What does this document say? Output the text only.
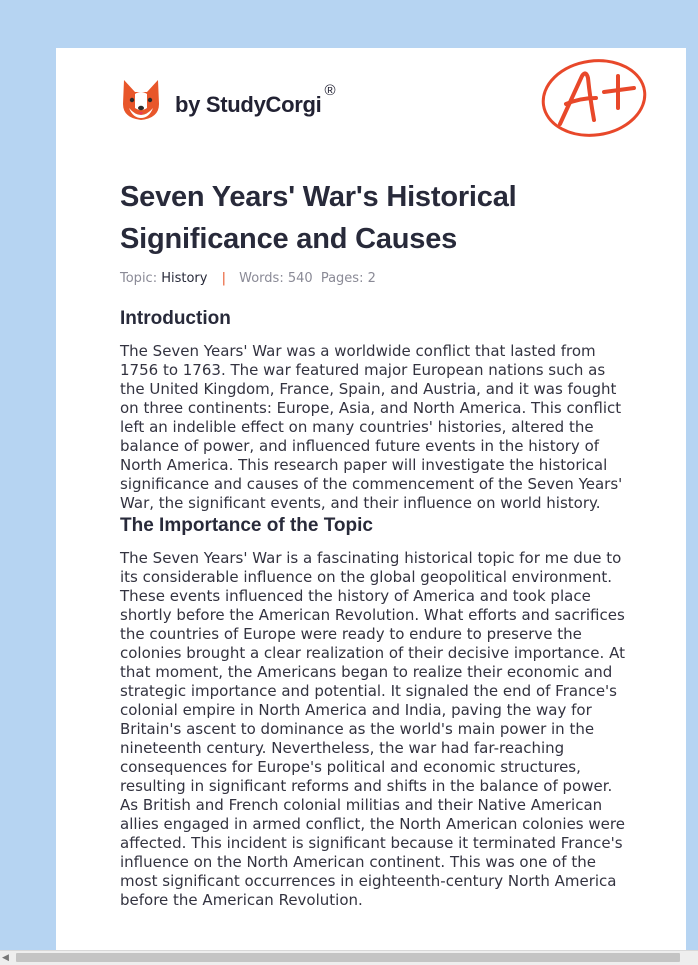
by StudyCorgi
®
Seven Years' War's Historical Significance and Causes
Topic: History | Words: 540 Pages: 2
Introduction

The Seven Years' War was a worldwide conflict that lasted from 1756 to 1763. The war featured major European nations such as the United Kingdom, France, Spain, and Austria, and it was fought on three continents: Europe, Asia, and North America. This conflict left an indelible effect on many countries' histories, altered the balance of power, and influenced future events in the history of North America. This research paper will investigate the historical significance and causes of the commencement of the Seven Years' War, the significant events, and their influence on world history.

The Importance of the Topic

The Seven Years' War is a fascinating historical topic for me due to its considerable influence on the global geopolitical environment. These events influenced the history of America and took place shortly before the American Revolution. What efforts and sacrifices the countries of Europe were ready to endure to preserve the colonies brought a clear realization of their decisive importance. At that moment, the Americans began to realize their economic and strategic importance and potential. It signaled the end of France's colonial empire in North America and India, paving the way for Britain's ascent to dominance as the world's main power in the nineteenth century. Nevertheless, the war had far-reaching consequences for Europe's political and economic structures, resulting in significant reforms and shifts in the balance of power. As British and French colonial militias and their Native American allies engaged in armed conflict, the North American colonies were affected. This incident is significant because it terminated France's influence on the North American continent. This was one of the most significant occurrences in eighteenth-century North America before the American Revolution.

◀
